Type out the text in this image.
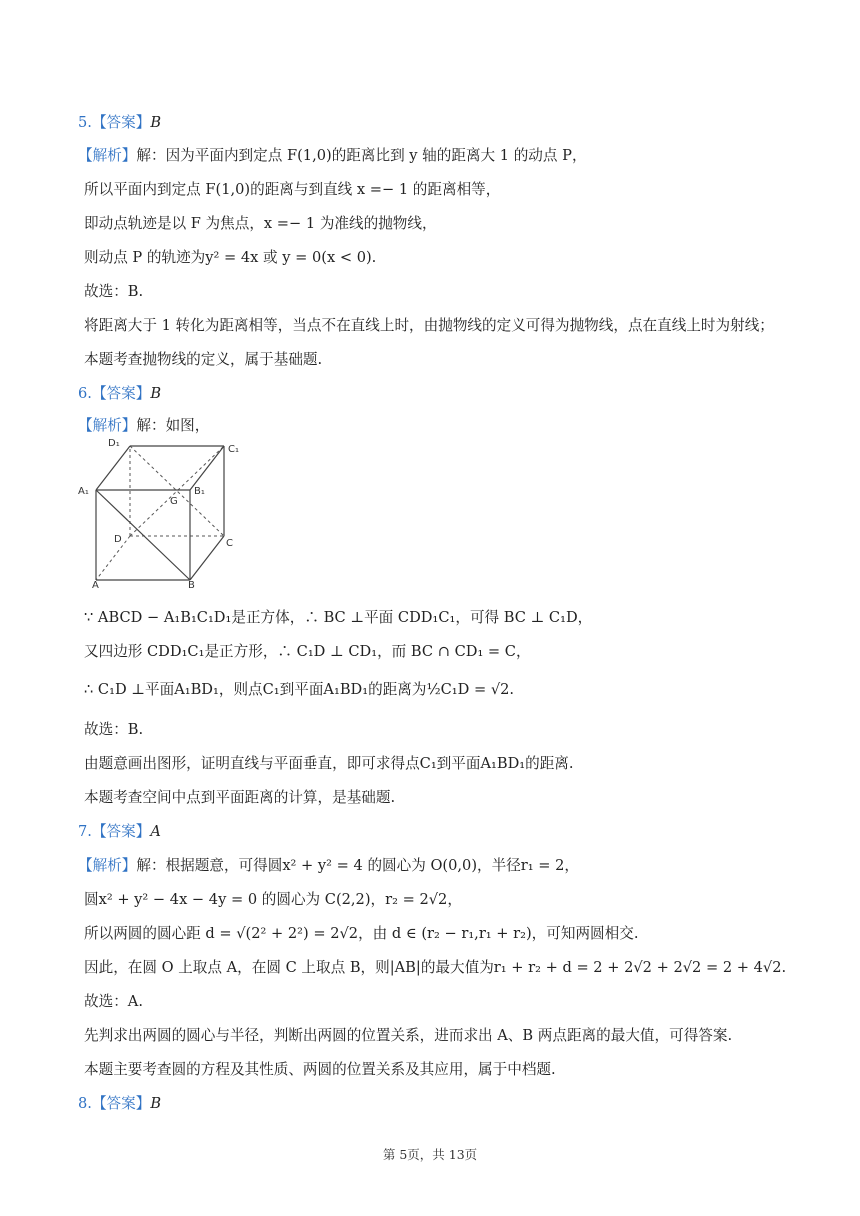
5.【答案】B
【解析】解：因为平面内到定点 F(1,0)的距离比到 y 轴的距离大 1 的动点 P，
所以平面内到定点 F(1,0)的距离与到直线 x =− 1 的距离相等，
即动点轨迹是以 F 为焦点，x =− 1 为准线的抛物线，
则动点 P 的轨迹为y² = 4x 或 y = 0(x < 0).
故选：B.
将距离大于 1 转化为距离相等，当点不在直线上时，由抛物线的定义可得为抛物线，点在直线上时为射线；
本题考查抛物线的定义，属于基础题.
6.【答案】B
【解析】解：如图，
D₁
C₁
A₁	B₁
G
D	C
A	B
∵ ABCD − A₁B₁C₁D₁是正方体，∴ BC ⊥平面 CDD₁C₁，可得 BC ⊥ C₁D，
又四边形 CDD₁C₁是正方形，∴ C₁D ⊥ CD₁，而 BC ∩ CD₁ = C，
∴ C₁D ⊥平面A₁BD₁，则点C₁到平面A₁BD₁的距离为½C₁D = √2.
故选：B.
由题意画出图形，证明直线与平面垂直，即可求得点C₁到平面A₁BD₁的距离.
本题考查空间中点到平面距离的计算，是基础题.
7.【答案】A
【解析】解：根据题意，可得圆x² + y² = 4 的圆心为 O(0,0)，半径r₁ = 2，
圆x² + y² − 4x − 4y = 0 的圆心为 C(2,2)，r₂ = 2√2，
所以两圆的圆心距 d = √(2² + 2²) = 2√2，由 d ∈ (r₂ − r₁,r₁ + r₂)，可知两圆相交.
因此，在圆 O 上取点 A，在圆 C 上取点 B，则|AB|的最大值为r₁ + r₂ + d = 2 + 2√2 + 2√2 = 2 + 4√2.
故选：A.
先判求出两圆的圆心与半径，判断出两圆的位置关系，进而求出 A、B 两点距离的最大值，可得答案.
本题主要考查圆的方程及其性质、两圆的位置关系及其应用，属于中档题.
8.【答案】B
第 5页，共 13页
